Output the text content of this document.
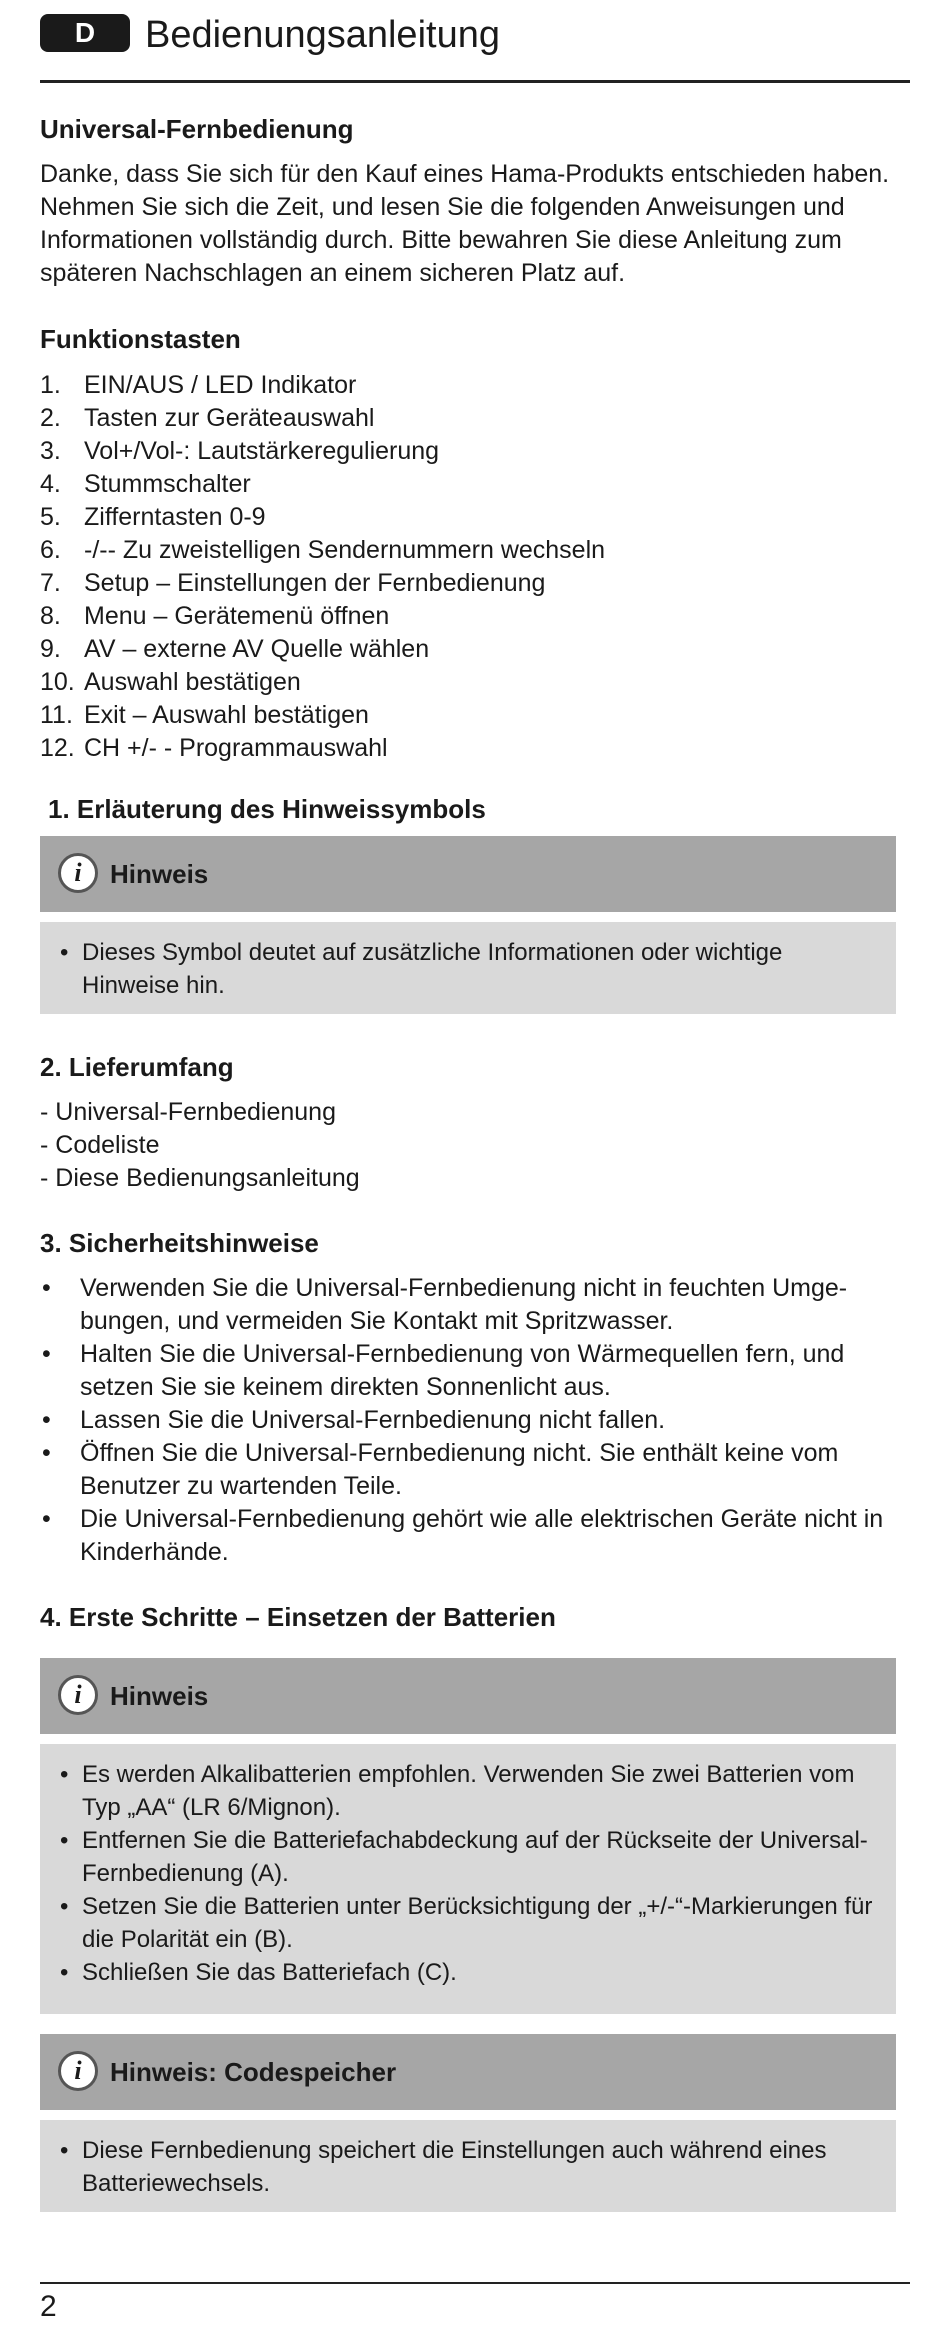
D	Bedienungsanleitung
Universal-Fernbedienung
Danke, dass Sie sich für den Kauf eines Hama-Produkts entschieden haben. Nehmen Sie sich die Zeit, und lesen Sie die folgenden Anweisungen und Informationen vollständig durch. Bitte bewahren Sie diese Anleitung zum späteren Nachschlagen an einem sicheren Platz auf.
Funktionstasten
1. EIN/AUS / LED Indikator
2. Tasten zur Geräteauswahl
3. Vol+/Vol-: Lautstärkeregulierung
4. Stummschalter
5. Zifferntasten 0-9
6. -/-- Zu zweistelligen Sendernummern wechseln
7. Setup – Einstellungen der Fernbedienung
8. Menu – Gerätemenü öffnen
9. AV – externe AV Quelle wählen
10. Auswahl bestätigen
11. Exit – Auswahl bestätigen
12. CH +/- - Programmauswahl
1. Erläuterung des Hinweissymbols
i	Hinweis
• Dieses Symbol deutet auf zusätzliche Informationen oder wichtige Hinweise hin.
2. Lieferumfang
- Universal-Fernbedienung
- Codeliste
- Diese Bedienungsanleitung
3. Sicherheitshinweise
• Verwenden Sie die Universal-Fernbedienung nicht in feuchten Umge-bungen, und vermeiden Sie Kontakt mit Spritzwasser.
• Halten Sie die Universal-Fernbedienung von Wärmequellen fern, und setzen Sie sie keinem direkten Sonnenlicht aus.
• Lassen Sie die Universal-Fernbedienung nicht fallen.
• Öffnen Sie die Universal-Fernbedienung nicht. Sie enthält keine vom Benutzer zu wartenden Teile.
• Die Universal-Fernbedienung gehört wie alle elektrischen Geräte nicht in Kinderhände.
4. Erste Schritte – Einsetzen der Batterien
i	Hinweis
• Es werden Alkalibatterien empfohlen. Verwenden Sie zwei Batterien vom Typ „AA“ (LR 6/Mignon).
• Entfernen Sie die Batteriefachabdeckung auf der Rückseite der Universal-Fernbedienung (A).
• Setzen Sie die Batterien unter Berücksichtigung der „+/-“-Markierungen für die Polarität ein (B).
• Schließen Sie das Batteriefach (C).
i	Hinweis: Codespeicher
• Diese Fernbedienung speichert die Einstellungen auch während eines Batteriewechsels.
2
